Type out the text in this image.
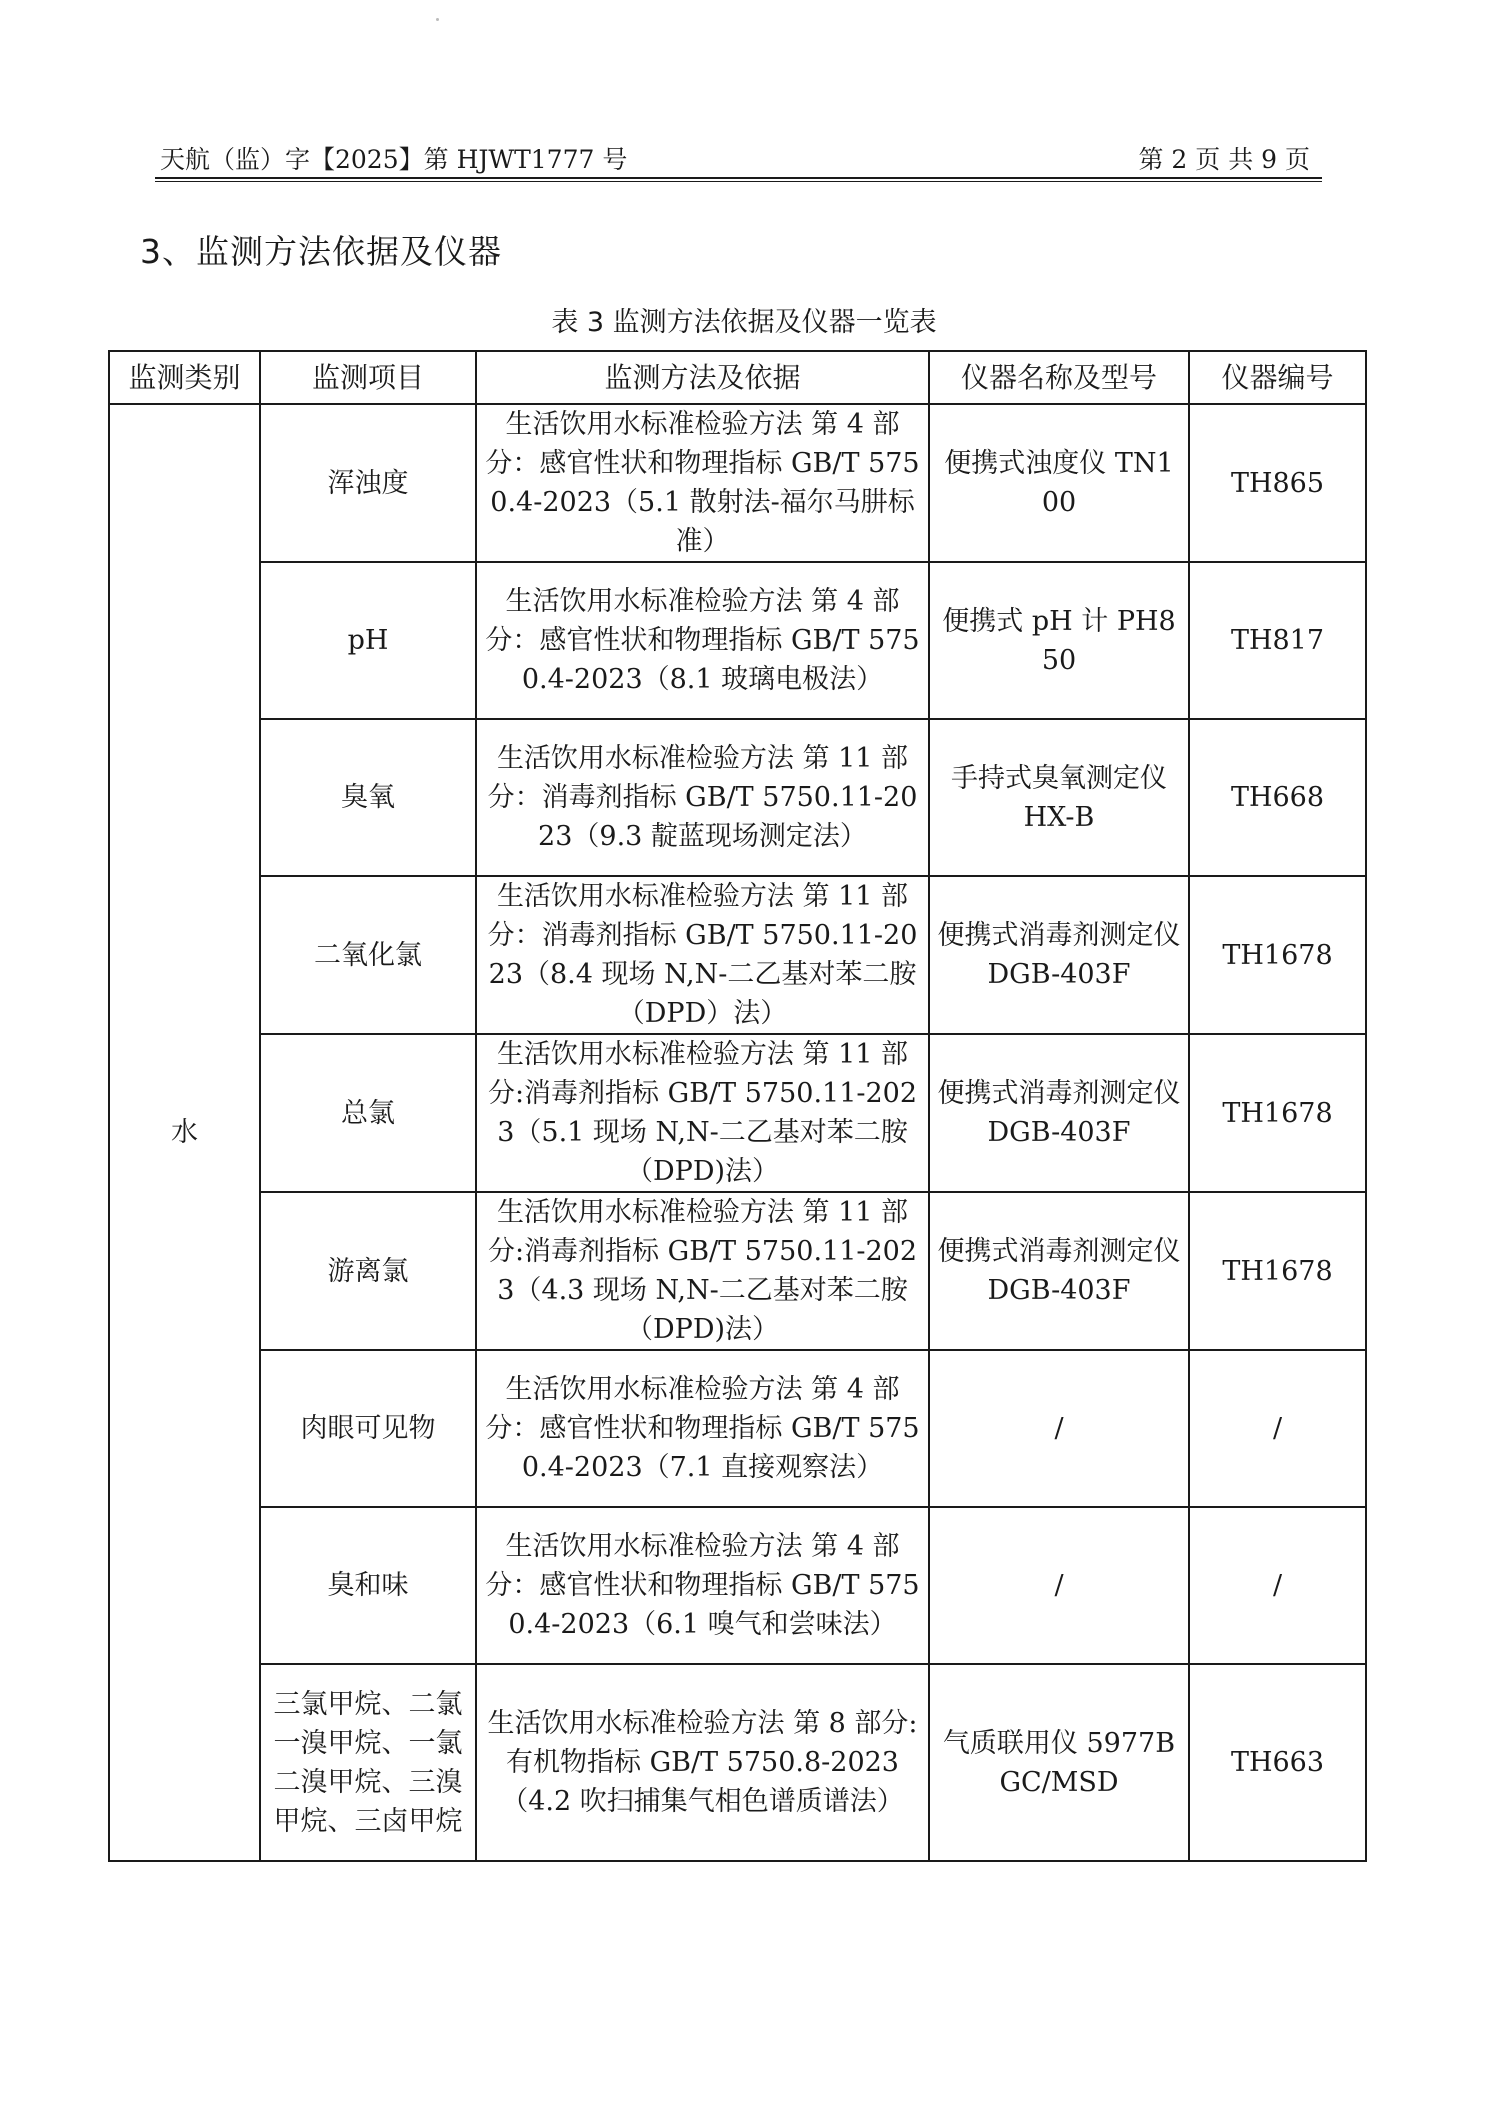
天航（监）字【2025】第 HJWT1777 号	第 2 页 共 9 页
3、监测方法依据及仪器
表 3 监测方法依据及仪器一览表
监测类别	监测项目	监测方法及依据	仪器名称及型号	仪器编号
水	浑浊度	生活饮用水标准检验方法 第 4 部分：感官性状和物理指标 GB/T 5750.4-2023（5.1 散射法-福尔马肼标准）	便携式浊度仪 TN100	TH865
	pH	生活饮用水标准检验方法 第 4 部分：感官性状和物理指标 GB/T 5750.4-2023（8.1 玻璃电极法）	便携式 pH 计 PH850	TH817
	臭氧	生活饮用水标准检验方法 第 11 部分：消毒剂指标 GB/T 5750.11-2023（9.3 靛蓝现场测定法）	手持式臭氧测定仪 HX-B	TH668
	二氧化氯	生活饮用水标准检验方法 第 11 部分：消毒剂指标 GB/T 5750.11-2023（8.4 现场 N,N-二乙基对苯二胺（DPD）法）	便携式消毒剂测定仪 DGB-403F	TH1678
	总氯	生活饮用水标准检验方法 第 11 部分:消毒剂指标 GB/T 5750.11-2023（5.1 现场 N,N-二乙基对苯二胺（DPD)法）	便携式消毒剂测定仪 DGB-403F	TH1678
	游离氯	生活饮用水标准检验方法 第 11 部分:消毒剂指标 GB/T 5750.11-2023（4.3 现场 N,N-二乙基对苯二胺（DPD)法）	便携式消毒剂测定仪 DGB-403F	TH1678
	肉眼可见物	生活饮用水标准检验方法 第 4 部分：感官性状和物理指标 GB/T 5750.4-2023（7.1 直接观察法）	/	/
	臭和味	生活饮用水标准检验方法 第 4 部分：感官性状和物理指标 GB/T 5750.4-2023（6.1 嗅气和尝味法）	/	/
	三氯甲烷、二氯一溴甲烷、一氯二溴甲烷、三溴甲烷、三卤甲烷	生活饮用水标准检验方法 第 8 部分:有机物指标 GB/T 5750.8-2023（4.2 吹扫捕集气相色谱质谱法）	气质联用仪 5977B GC/MSD	TH663
